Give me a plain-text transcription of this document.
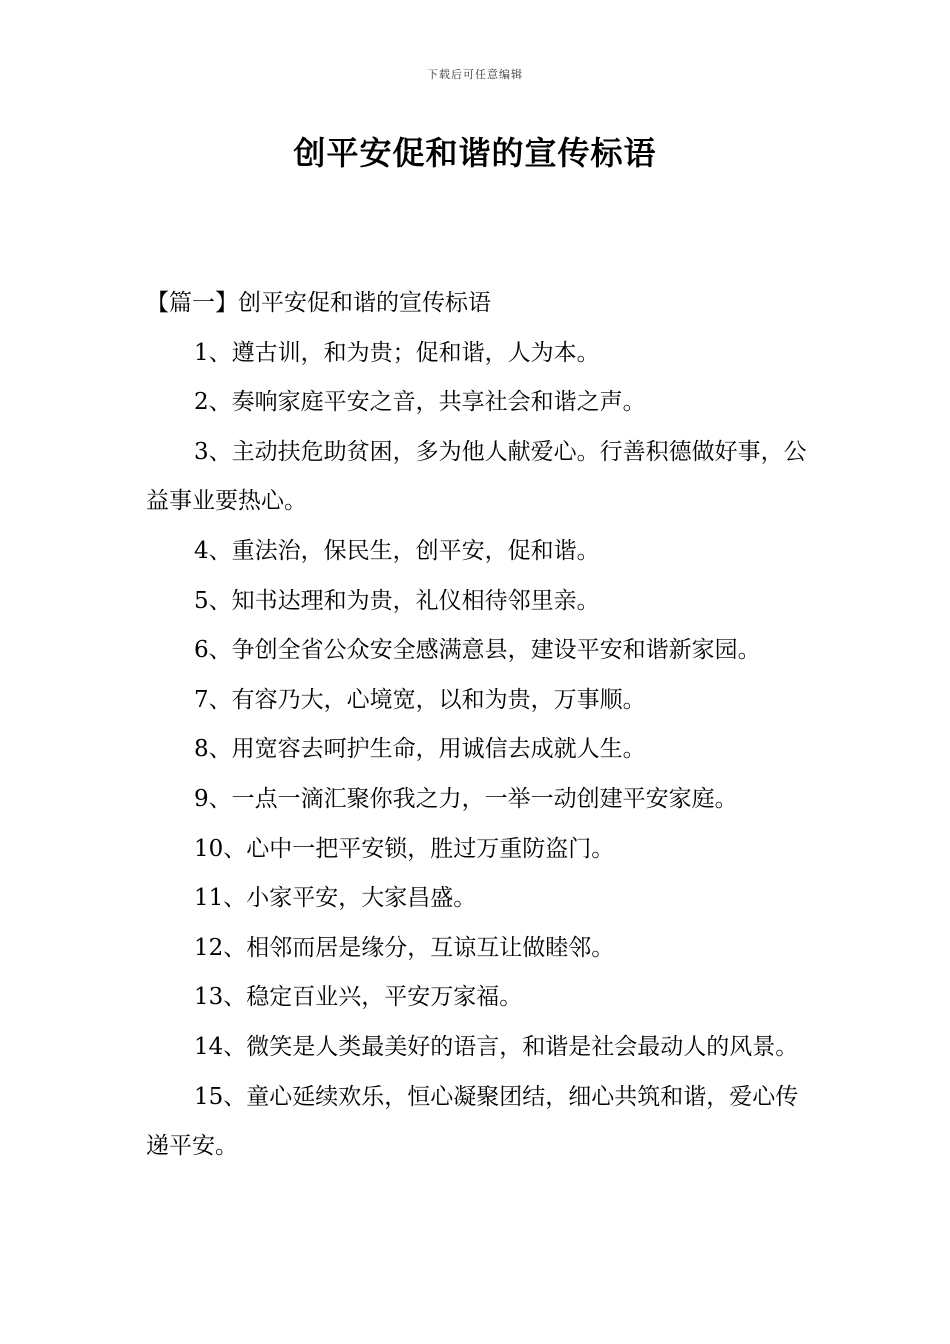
下载后可任意编辑
创平安促和谐的宣传标语

【篇一】创平安促和谐的宣传标语

1、遵古训，和为贵；促和谐，人为本。

2、奏响家庭平安之音，共享社会和谐之声。

3、主动扶危助贫困，多为他人献爱心。行善积德做好事，公益事业要热心。

4、重法治，保民生，创平安，促和谐。

5、知书达理和为贵，礼仪相待邻里亲。

6、争创全省公众安全感满意县，建设平安和谐新家园。

7、有容乃大，心境宽，以和为贵，万事顺。

8、用宽容去呵护生命，用诚信去成就人生。

9、一点一滴汇聚你我之力，一举一动创建平安家庭。

10、心中一把平安锁，胜过万重防盗门。

11、小家平安，大家昌盛。

12、相邻而居是缘分，互谅互让做睦邻。

13、稳定百业兴，平安万家福。

14、微笑是人类最美好的语言，和谐是社会最动人的风景。

15、童心延续欢乐，恒心凝聚团结，细心共筑和谐，爱心传递平安。
